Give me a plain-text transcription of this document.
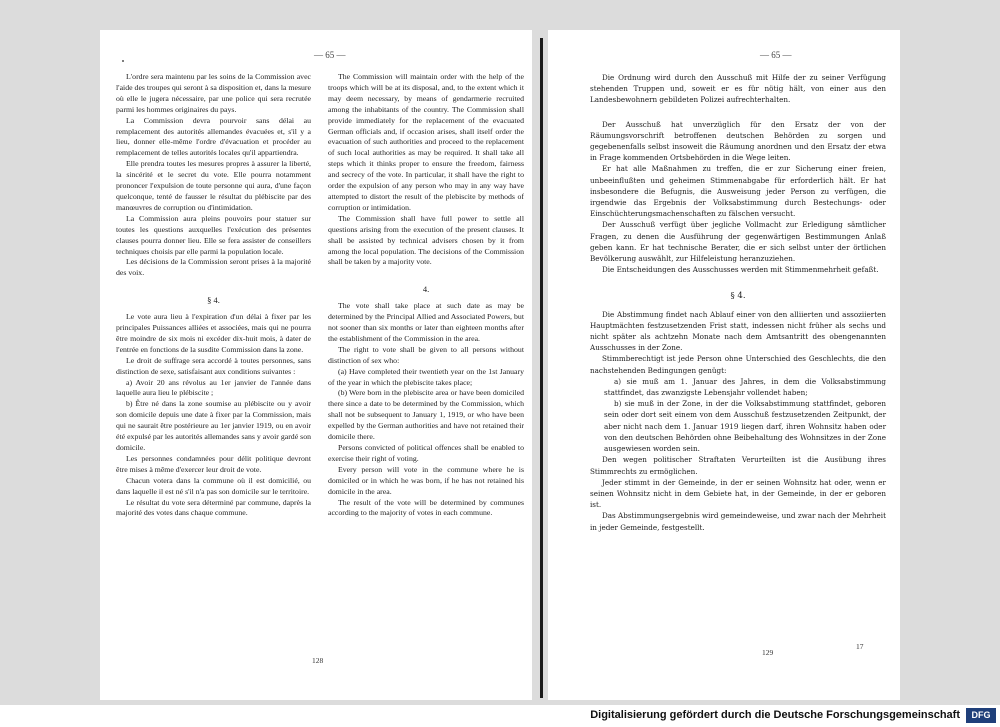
— 65 —

L'ordre sera maintenu par les soins de la Commission avec l'aide des troupes qui seront à sa disposition et, dans la mesure où elle le jugera nécessaire, par une police qui sera recrutée parmi les hommes originaires du pays.

La Commission devra pourvoir sans délai au remplacement des autorités allemandes évacuées et, s'il y a lieu, donner elle-même l'ordre d'évacuation et procéder au remplacement de telles autorités locales qu'il appartiendra.

Elle prendra toutes les mesures propres à assurer la liberté, la sincérité et le secret du vote. Elle pourra notamment prononcer l'expulsion de toute personne qui aura, d'une façon quelconque, tenté de fausser le résultat du plébiscite par des manœuvres de corruption ou d'intimidation.

La Commission aura pleins pouvoirs pour statuer sur toutes les questions auxquelles l'exécution des présentes clauses pourra donner lieu. Elle se fera assister de conseillers techniques choisis par elle parmi la population locale.

Les décisions de la Commission seront prises à la majorité des voix.

§ 4.

Le vote aura lieu à l'expiration d'un délai à fixer par les principales Puissances alliées et associées, mais qui ne pourra être moindre de six mois ni excéder dix-huit mois, à dater de l'entrée en fonctions de la susdite Commission dans la zone.

Le droit de suffrage sera accordé à toutes personnes, sans distinction de sexe, satisfaisant aux conditions suivantes :

a) Avoir 20 ans révolus au 1er janvier de l'année dans laquelle aura lieu le plébiscite ;
b) Être né dans la zone soumise au plébiscite ou y avoir son domicile depuis une date à fixer par la Commission, mais qui ne saurait être postérieure au 1er janvier 1919, ou en avoir été expulsé par les autorités allemandes sans y avoir gardé son domicile.

Les personnes condamnées pour délit politique devront être mises à même d'exercer leur droit de vote.

Chacun votera dans la commune où il est domicilié, ou dans laquelle il est né s'il n'a pas son domicile sur le territoire.

Le résultat du vote sera déterminé par commune, daprès la majorité des votes dans chaque commune.

The Commission will maintain order with the help of the troops which will be at its disposal, and, to the extent which it may deem necessary, by means of gendarmerie recruited among the inhabitants of the country. The Commission shall provide immediately for the replacement of the evacuated German officials and, if occasion arises, shall itself order the evacuation of such authorities and proceed to the replacement of such local authorities as may be required. It shall take all steps which it thinks proper to ensure the freedom, fairness and secrecy of the vote. In particular, it shall have the right to order the expulsion of any person who may in any way have attempted to distort the result of the plebiscite by methods of corruption or intimidation.

The Commission shall have full power to settle all questions arising from the execution of the present clauses. It shall be assisted by technical advisers chosen by it from among the local population. The decisions of the Commission shall be taken by a majority vote.

4.

The vote shall take place at such date as may be determined by the Principal Allied and Associated Powers, but not sooner than six months or later than eighteen months after the establishment of the Commission in the area.

The right to vote shall be given to all persons without distinction of sex who:

(a) Have completed their twentieth year on the 1st January of the year in which the plebiscite takes place;
(b) Were born in the plebiscite area or have been domiciled there since a date to be determined by the Commission, which shall not be subsequent to January 1, 1919, or who have been expelled by the German authorities and have not retained their domicile there.

Persons convicted of political offences shall be enabled to exercise their right of voting.

Every person will vote in the commune where he is domiciled or in which he was born, if he has not retained his domicile in the area.

The result of the vote will be determined by communes according to the majority of votes in each commune.

128
— 65 —

Die Ordnung wird durch den Ausschuß mit Hilfe der zu seiner Verfügung stehenden Truppen und, soweit er es für nötig hält, von einer aus den Landesbewohnern gebildeten Polizei aufrechterhalten.

Der Ausschuß hat unverzüglich für den Ersatz der von der Räumungsvorschrift betroffenen deutschen Behörden zu sorgen und gegebenenfalls selbst insoweit die Räumung anordnen und den Ersatz der etwa in Frage kommenden Ortsbehörden in die Wege leiten.

Er hat alle Maßnahmen zu treffen, die er zur Sicherung einer freien, unbeeinflußten und geheimen Stimmenabgabe für erforderlich hält. Er hat insbesondere die Befugnis, die Ausweisung jeder Person zu verfügen, die irgendwie das Ergebnis der Volksabstimmung durch Bestechungs- oder Einschüchterungsmachenschaften zu fälschen versucht.

Der Ausschuß verfügt über jegliche Vollmacht zur Erledigung sämtlicher Fragen, zu denen die Ausführung der gegenwärtigen Bestimmungen Anlaß geben kann. Er hat technische Berater, die er sich selbst unter der örtlichen Bevölkerung auswählt, zur Hilfeleistung heranzuziehen.

Die Entscheidungen des Ausschusses werden mit Stimmenmehrheit gefaßt.

§ 4.

Die Abstimmung findet nach Ablauf einer von den alliierten und assoziierten Hauptmächten festzusetzenden Frist statt, indessen nicht früher als sechs und nicht später als achtzehn Monate nach dem Amtsantritt des obengenannten Ausschusses in der Zone.

Stimmberechtigt ist jede Person ohne Unterschied des Geschlechts, die den nachstehenden Bedingungen genügt:

a) sie muß am 1. Januar des Jahres, in dem die Volksabstimmung stattfindet, das zwanzigste Lebensjahr vollendet haben;
b) sie muß in der Zone, in der die Volksabstimmung stattfindet, geboren sein oder dort seit einem von dem Ausschuß festzusetzenden Zeitpunkt, der aber nicht nach dem 1. Januar 1919 liegen darf, ihren Wohnsitz haben oder von den deutschen Behörden ohne Beibehaltung des Wohnsitzes in der Zone ausgewiesen worden sein.

Den wegen politischer Straftaten Verurteilten ist die Ausübung ihres Stimmrechts zu ermöglichen.

Jeder stimmt in der Gemeinde, in der er seinen Wohnsitz hat oder, wenn er seinen Wohnsitz nicht in dem Gebiete hat, in der Gemeinde, in der er geboren ist.

Das Abstimmungsergebnis wird gemeindeweise, und zwar nach der Mehrheit in jeder Gemeinde, festgestellt.

129
17
Digitalisierung gefördert durch die Deutsche Forschungsgemeinschaft	DFG
